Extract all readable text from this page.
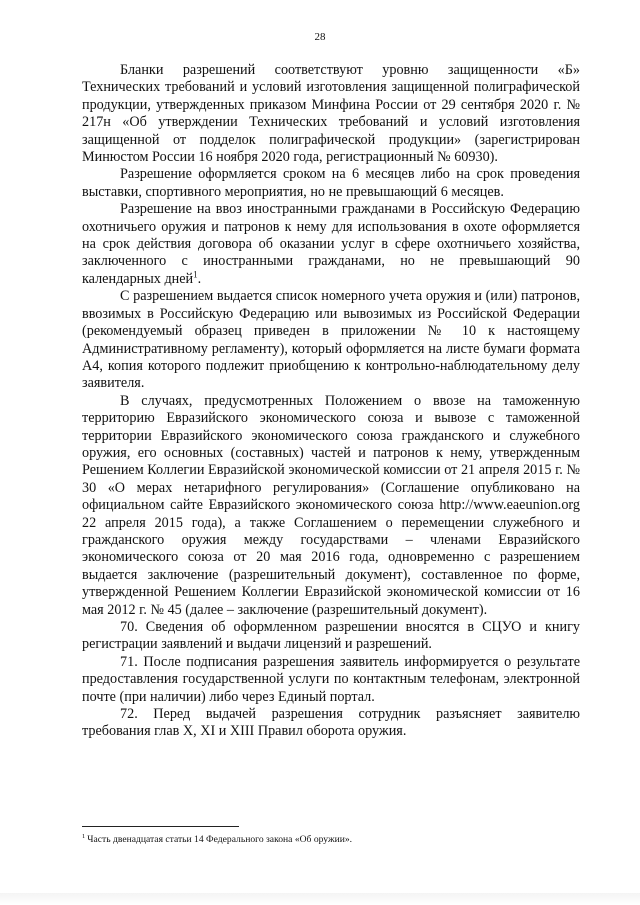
28

Бланки разрешений соответствуют уровню защищенности «Б» Технических требований и условий изготовления защищенной полиграфической продукции, утвержденных приказом Минфина России от 29 сентября 2020 г. № 217н «Об утверждении Технических требований и условий изготовления защищенной от подделок полиграфической продукции» (зарегистрирован Минюстом России 16 ноября 2020 года, регистрационный № 60930).

Разрешение оформляется сроком на 6 месяцев либо на срок проведения выставки, спортивного мероприятия, но не превышающий 6 месяцев.

Разрешение на ввоз иностранными гражданами в Российскую Федерацию охотничьего оружия и патронов к нему для использования в охоте оформляется на срок действия договора об оказании услуг в сфере охотничьего хозяйства, заключенного с иностранными гражданами, но не превышающий 90 календарных дней$^1$.

С разрешением выдается список номерного учета оружия и (или) патронов, ввозимых в Российскую Федерацию или вывозимых из Российской Федерации (рекомендуемый образец приведен в приложении № 10 к настоящему Административному регламенту), который оформляется на листе бумаги формата А4, копия которого подлежит приобщению к контрольно-наблюдательному делу заявителя.

В случаях, предусмотренных Положением о ввозе на таможенную территорию Евразийского экономического союза и вывозе с таможенной территории Евразийского экономического союза гражданского и служебного оружия, его основных (составных) частей и патронов к нему, утвержденным Решением Коллегии Евразийской экономической комиссии от 21 апреля 2015 г. № 30 «О мерах нетарифного регулирования» (Соглашение опубликовано на официальном сайте Евразийского экономического союза http://www.eaeunion.org 22 апреля 2015 года), а также Соглашением о перемещении служебного и гражданского оружия между государствами – членами Евразийского экономического союза от 20 мая 2016 года, одновременно с разрешением выдается заключение (разрешительный документ), составленное по форме, утвержденной Решением Коллегии Евразийской экономической комиссии от 16 мая 2012 г. № 45 (далее – заключение (разрешительный документ).

70. Сведения об оформленном разрешении вносятся в СЦУО и книгу регистрации заявлений и выдачи лицензий и разрешений.

71. После подписания разрешения заявитель информируется о результате предоставления государственной услуги по контактным телефонам, электронной почте (при наличии) либо через Единый портал.

72. Перед выдачей разрешения сотрудник разъясняет заявителю требования глав X, XI и XIII Правил оборота оружия.

$^1$ Часть двенадцатая статьи 14 Федерального закона «Об оружии».
